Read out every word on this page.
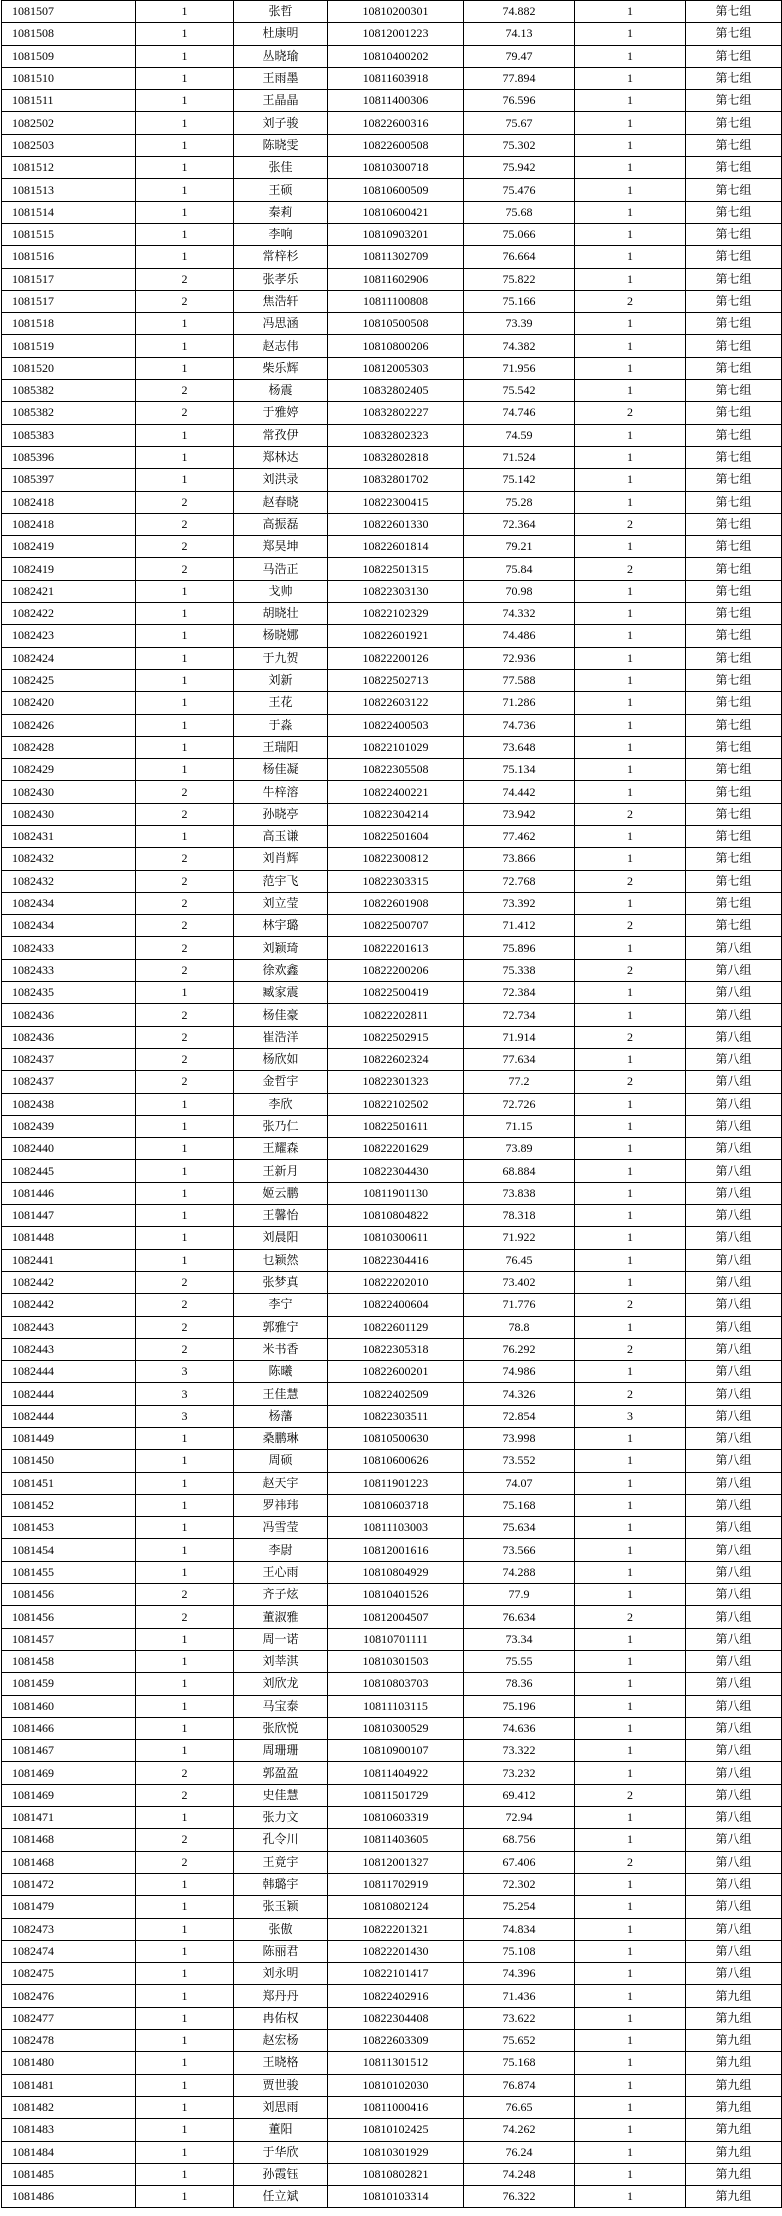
1081507	1	张哲	10810200301	74.882	1	第七组
1081508	1	杜康明	10812001223	74.13	1	第七组
1081509	1	丛晓瑜	10810400202	79.47	1	第七组
1081510	1	王雨墨	10811603918	77.894	1	第七组
1081511	1	王晶晶	10811400306	76.596	1	第七组
1082502	1	刘子骏	10822600316	75.67	1	第七组
1082503	1	陈晓雯	10822600508	75.302	1	第七组
1081512	1	张佳	10810300718	75.942	1	第七组
1081513	1	王硕	10810600509	75.476	1	第七组
1081514	1	秦莉	10810600421	75.68	1	第七组
1081515	1	李响	10810903201	75.066	1	第七组
1081516	1	常梓杉	10811302709	76.664	1	第七组
1081517	2	张孝乐	10811602906	75.822	1	第七组
1081517	2	焦浩轩	10811100808	75.166	2	第七组
1081518	1	冯思涵	10810500508	73.39	1	第七组
1081519	1	赵志伟	10810800206	74.382	1	第七组
1081520	1	柴乐辉	10812005303	71.956	1	第七组
1085382	2	杨震	10832802405	75.542	1	第七组
1085382	2	于雅婷	10832802227	74.746	2	第七组
1085383	1	常孜伊	10832802323	74.59	1	第七组
1085396	1	郑林达	10832802818	71.524	1	第七组
1085397	1	刘洪录	10832801702	75.142	1	第七组
1082418	2	赵春晓	10822300415	75.28	1	第七组
1082418	2	高振磊	10822601330	72.364	2	第七组
1082419	2	郑昊坤	10822601814	79.21	1	第七组
1082419	2	马浩正	10822501315	75.84	2	第七组
1082421	1	戈帅	10822303130	70.98	1	第七组
1082422	1	胡晓壮	10822102329	74.332	1	第七组
1082423	1	杨晓娜	10822601921	74.486	1	第七组
1082424	1	于九贺	10822200126	72.936	1	第七组
1082425	1	刘新	10822502713	77.588	1	第七组
1082420	1	王花	10822603122	71.286	1	第七组
1082426	1	于淼	10822400503	74.736	1	第七组
1082428	1	王瑞阳	10822101029	73.648	1	第七组
1082429	1	杨佳凝	10822305508	75.134	1	第七组
1082430	2	牛梓溶	10822400221	74.442	1	第七组
1082430	2	孙晓亭	10822304214	73.942	2	第七组
1082431	1	高玉谦	10822501604	77.462	1	第七组
1082432	2	刘肖辉	10822300812	73.866	1	第七组
1082432	2	范宇飞	10822303315	72.768	2	第七组
1082434	2	刘立莹	10822601908	73.392	1	第七组
1082434	2	林宇璐	10822500707	71.412	2	第七组
1082433	2	刘颖琦	10822201613	75.896	1	第八组
1082433	2	徐欢鑫	10822200206	75.338	2	第八组
1082435	1	臧家震	10822500419	72.384	1	第八组
1082436	2	杨佳豪	10822202811	72.734	1	第八组
1082436	2	崔浩洋	10822502915	71.914	2	第八组
1082437	2	杨欣如	10822602324	77.634	1	第八组
1082437	2	金哲宇	10822301323	77.2	2	第八组
1082438	1	李欣	10822102502	72.726	1	第八组
1082439	1	张乃仁	10822501611	71.15	1	第八组
1082440	1	王耀森	10822201629	73.89	1	第八组
1082445	1	王新月	10822304430	68.884	1	第八组
1081446	1	姬云鹏	10811901130	73.838	1	第八组
1081447	1	王馨怡	10810804822	78.318	1	第八组
1081448	1	刘晨阳	10810300611	71.922	1	第八组
1082441	1	乜颖然	10822304416	76.45	1	第八组
1082442	2	张梦真	10822202010	73.402	1	第八组
1082442	2	李宁	10822400604	71.776	2	第八组
1082443	2	郭雅宁	10822601129	78.8	1	第八组
1082443	2	米书香	10822305318	76.292	2	第八组
1082444	3	陈曦	10822600201	74.986	1	第八组
1082444	3	王佳慧	10822402509	74.326	2	第八组
1082444	3	杨藩	10822303511	72.854	3	第八组
1081449	1	桑鹏琳	10810500630	73.998	1	第八组
1081450	1	周硕	10810600626	73.552	1	第八组
1081451	1	赵天宇	10811901223	74.07	1	第八组
1081452	1	罗祎玮	10810603718	75.168	1	第八组
1081453	1	冯雪莹	10811103003	75.634	1	第八组
1081454	1	李尉	10812001616	73.566	1	第八组
1081455	1	王心雨	10810804929	74.288	1	第八组
1081456	2	齐子炫	10810401526	77.9	1	第八组
1081456	2	董淑雅	10812004507	76.634	2	第八组
1081457	1	周一诺	10810701111	73.34	1	第八组
1081458	1	刘莘淇	10810301503	75.55	1	第八组
1081459	1	刘欣龙	10810803703	78.36	1	第八组
1081460	1	马宝泰	10811103115	75.196	1	第八组
1081466	1	张欣悦	10810300529	74.636	1	第八组
1081467	1	周珊珊	10810900107	73.322	1	第八组
1081469	2	郭盈盈	10811404922	73.232	1	第八组
1081469	2	史佳慧	10811501729	69.412	2	第八组
1081471	1	张力文	10810603319	72.94	1	第八组
1081468	2	孔令川	10811403605	68.756	1	第八组
1081468	2	王竟宇	10812001327	67.406	2	第八组
1081472	1	韩璐宇	10811702919	72.302	1	第八组
1081479	1	张玉颖	10810802124	75.254	1	第八组
1082473	1	张傲	10822201321	74.834	1	第八组
1082474	1	陈丽君	10822201430	75.108	1	第八组
1082475	1	刘永明	10822101417	74.396	1	第八组
1082476	1	郑丹丹	10822402916	71.436	1	第九组
1082477	1	冉佑权	10822304408	73.622	1	第九组
1082478	1	赵宏杨	10822603309	75.652	1	第九组
1081480	1	王晓格	10811301512	75.168	1	第九组
1081481	1	贾世骏	10810102030	76.874	1	第九组
1081482	1	刘思雨	10811000416	76.65	1	第九组
1081483	1	董阳	10810102425	74.262	1	第九组
1081484	1	于华欣	10810301929	76.24	1	第九组
1081485	1	孙霞钰	10810802821	74.248	1	第九组
1081486	1	任立斌	10810103314	76.322	1	第九组
